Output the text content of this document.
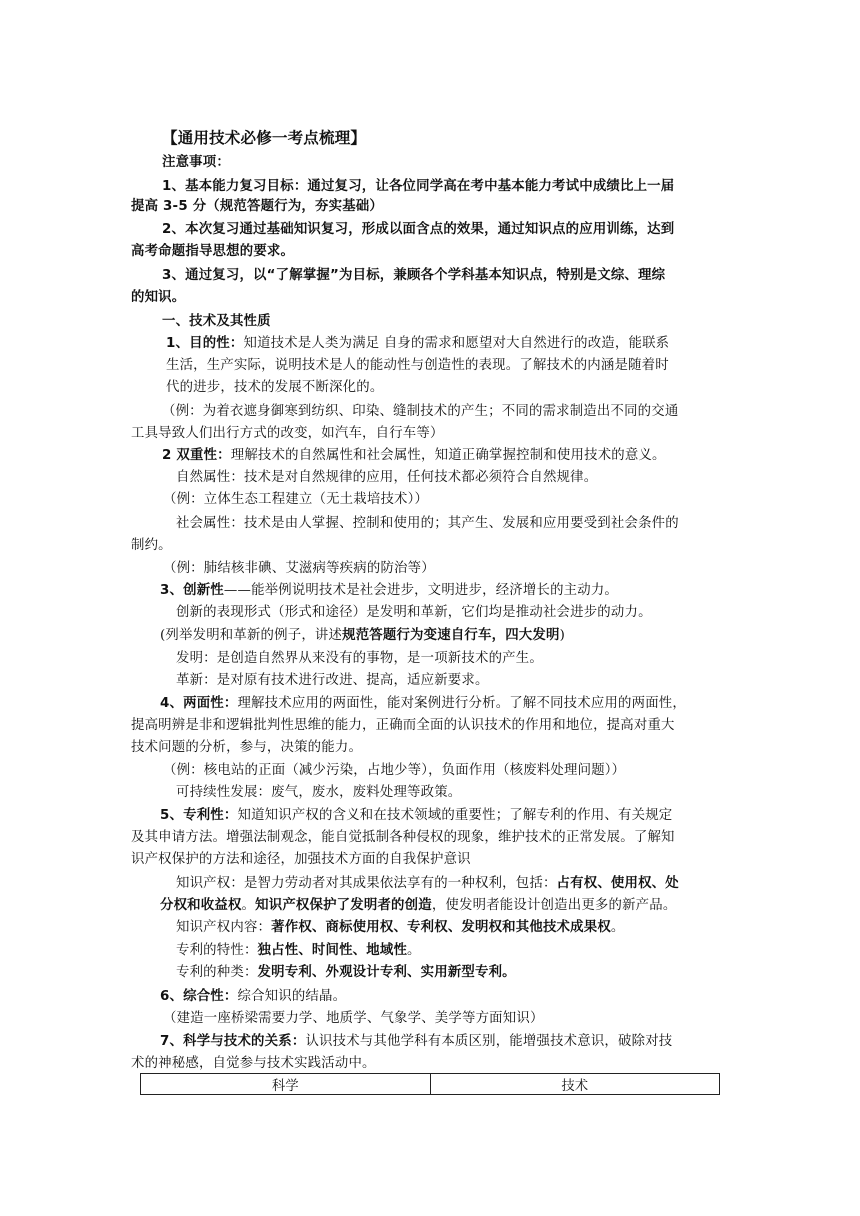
【通用技术必修一考点梳理】
注意事项：
1、基本能力复习目标：通过复习，让各位同学高在考中基本能力考试中成绩比上一届
提高 3-5 分（规范答题行为，夯实基础）
2、本次复习通过基础知识复习，形成以面含点的效果，通过知识点的应用训练，达到
高考命题指导思想的要求。
3、通过复习，以“了解掌握”为目标，兼顾各个学科基本知识点，特别是文综、理综
的知识。
一、技术及其性质
1、目的性：知道技术是人类为满足 自身的需求和愿望对大自然进行的改造，能联系
生活，生产实际，说明技术是人的能动性与创造性的表现。了解技术的内涵是随着时
代的进步，技术的发展不断深化的。
（例：为着衣遮身御寒到纺织、印染、缝制技术的产生；不同的需求制造出不同的交通
工具导致人们出行方式的改变，如汽车，自行车等）
2 双重性：理解技术的自然属性和社会属性，知道正确掌握控制和使用技术的意义。
自然属性：技术是对自然规律的应用，任何技术都必须符合自然规律。
（例：立体生态工程建立（无土栽培技术））
社会属性：技术是由人掌握、控制和使用的；其产生、发展和应用要受到社会条件的
制约。
（例：肺结核非碘、艾滋病等疾病的防治等）
3、创新性——能举例说明技术是社会进步，文明进步，经济增长的主动力。
创新的表现形式（形式和途径）是发明和革新，它们均是推动社会进步的动力。
(列举发明和革新的例子，讲述规范答题行为变速自行车，四大发明)
发明：是创造自然界从来没有的事物，是一项新技术的产生。
革新：是对原有技术进行改进、提高，适应新要求。
4、两面性：理解技术应用的两面性，能对案例进行分析。了解不同技术应用的两面性，
提高明辨是非和逻辑批判性思维的能力，正确而全面的认识技术的作用和地位，提高对重大
技术问题的分析，参与，决策的能力。
（例：核电站的正面（减少污染，占地少等），负面作用（核废料处理问题））
可持续性发展：废气，废水，废料处理等政策。
5、专利性：知道知识产权的含义和在技术领域的重要性；了解专利的作用、有关规定
及其申请方法。增强法制观念，能自觉抵制各种侵权的现象，维护技术的正常发展。了解知
识产权保护的方法和途径，加强技术方面的自我保护意识
知识产权：是智力劳动者对其成果依法享有的一种权利，包括：占有权、使用权、处
分权和收益权。知识产权保护了发明者的创造，使发明者能设计创造出更多的新产品。
知识产权内容：著作权、商标使用权、专利权、发明权和其他技术成果权。
专利的特性：独占性、时间性、地域性。
专利的种类：发明专利、外观设计专利、实用新型专利。
6、综合性：综合知识的结晶。
（建造一座桥梁需要力学、地质学、气象学、美学等方面知识）
7、科学与技术的关系：认识技术与其他学科有本质区别，能增强技术意识，破除对技
术的神秘感，自觉参与技术实践活动中。
科学	技术
